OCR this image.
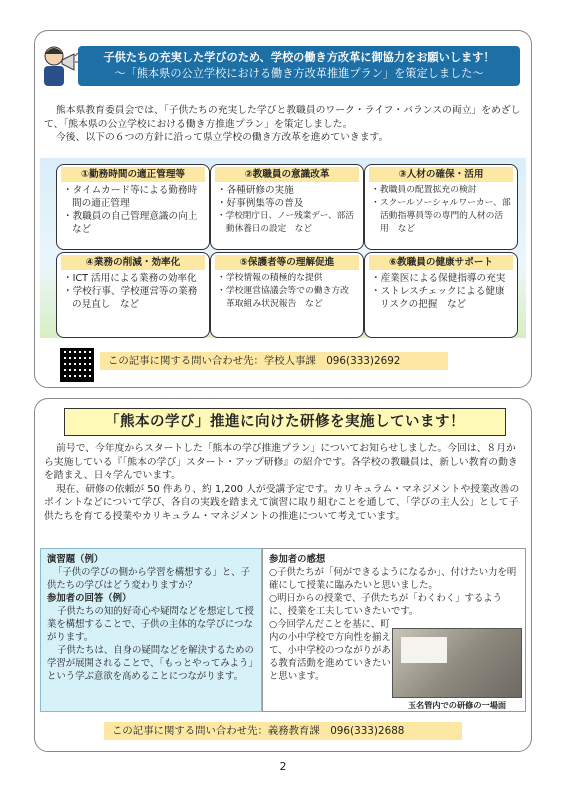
子供たちの充実した学びのため、学校の働き方改革に御協力をお願いします！
～「熊本県の公立学校における働き方改革推進プラン」を策定しました～

熊本県教育委員会では、「子供たちの充実した学びと教職員のワーク・ライフ・バランスの両立」をめざして、「熊本県の公立学校における働き方推進プラン」を策定しました。

今後、以下の６つの方針に沿って県立学校の働き方改革を進めていきます。

①勤務時間の適正管理等
・ タイムカード等による勤務時間の適正管理
・ 教職員の自己管理意識の向上　など
②教職員の意識改革
・ 各種研修の実施
・ 好事例集等の普及
・ 学校閉庁日、ノー残業デー、部活動休養日の設定　など
③人材の確保・活用
・ 教職員の配置拡充の検討
・ スクールソーシャルワーカー、部活動指導員等の専門的人材の活用　など
④業務の削減・効率化
・ ICT 活用による業務の効率化
・ 学校行事、学校運営等の業務の見直し　など
⑤保護者等の理解促進
・ 学校情報の積極的な提供
・ 学校運営協議会等での働き方改革取組み状況報告　など
⑥教職員の健康サポート
・ 産業医による保健指導の充実
・ ストレスチェックによる健康リスクの把握　など
この記事に関する問い合わせ先：学校人事課　096(333)2692
「熊本の学び」推進に向けた研修を実施しています！

前号で、今年度からスタートした「熊本の学び推進プラン」についてお知らせしました。今回は、８月から実施している『「熊本の学び」スタート・アップ研修』の紹介です。各学校の教職員は、新しい教育の動きを踏まえ、日々学んでいます。

現在、研修の依頼が 50 件あり、約 1,200 人が受講予定です。カリキュラム・マネジメントや授業改善のポイントなどについて学び、各自の実践を踏まえて演習に取り組むことを通して、「学びの主人公」として子供たちを育てる授業やカリキュラム・マネジメントの推進について考えています。

演習題（例）

「子供の学びの側から学習を構想する」と、子供たちの学びはどう変わりますか？

参加者の回答（例）

子供たちの知的好奇心や疑問などを想定して授業を構想することで、子供の主体的な学びにつながります。

子供たちは、自身の疑問などを解決するための学習が展開されることで、「もっとやってみよう」という学ぶ意欲を高めることにつながります。

参加者の感想

○子供たちが「何ができるようになるか」、付けたい力を明確にして授業に臨みたいと思いました。

○明日からの授業で、子供たちが「わくわく」するように、授業を工夫していきたいです。

○今回学んだことを基に、町内の小中学校で方向性を揃えて、小中学校のつながりがある教育活動を進めていきたいと思います。

玉名管内での研修の一場面
この記事に関する問い合わせ先：義務教育課　096(333)2688
2
